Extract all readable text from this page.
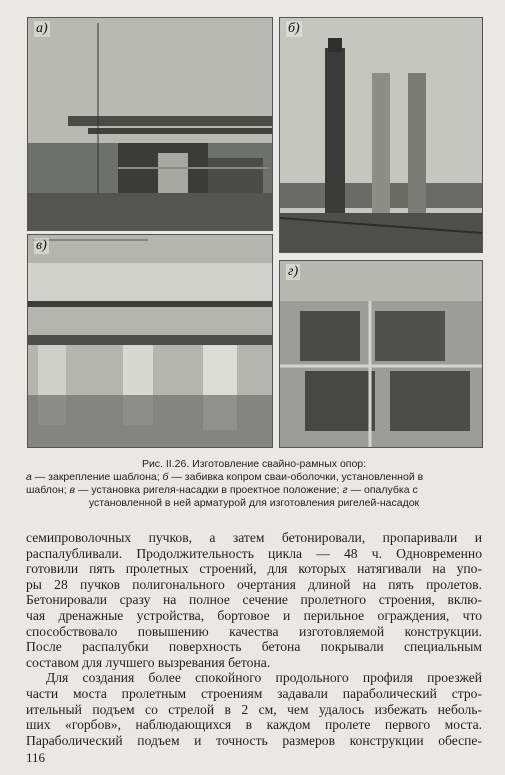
а)	б)
в)
г)
Рис. II.26. Изготовление свайно-рамных опор:
а — закрепление шаблона; б — забивка копром сваи-оболочки, установленной в
шаблон; в — установка ригеля-насадки в проектное положение; г — опалубка с
установленной в ней арматурой для изготовления ригелей-насадок

семипроволочных пучков, а затем бетонировали, пропаривали и

распалубливали. Продолжительность цикла — 48 ч. Одновременно

готовили пять пролетных строений, для которых натягивали на упо-

ры 28 пучков полигонального очертания длиной на пять пролетов.

Бетонировали сразу на полное сечение пролетного строения, вклю-

чая дренажные устройства, бортовое и перильное ограждения, что

способствовало повышению качества изготовляемой конструкции.

После распалубки поверхность бетона покрывали специальным

составом для лучшего вызревания бетона.

Для создания более спокойного продольного профиля проезжей

части моста пролетным строениям задавали параболический стро-

ительный подъем со стрелой в 2 см, чем удалось избежать неболь-

ших «горбов», наблюдающихся в каждом пролете первого моста.

Параболический подъем и точность размеров конструкции обеспе-

116
